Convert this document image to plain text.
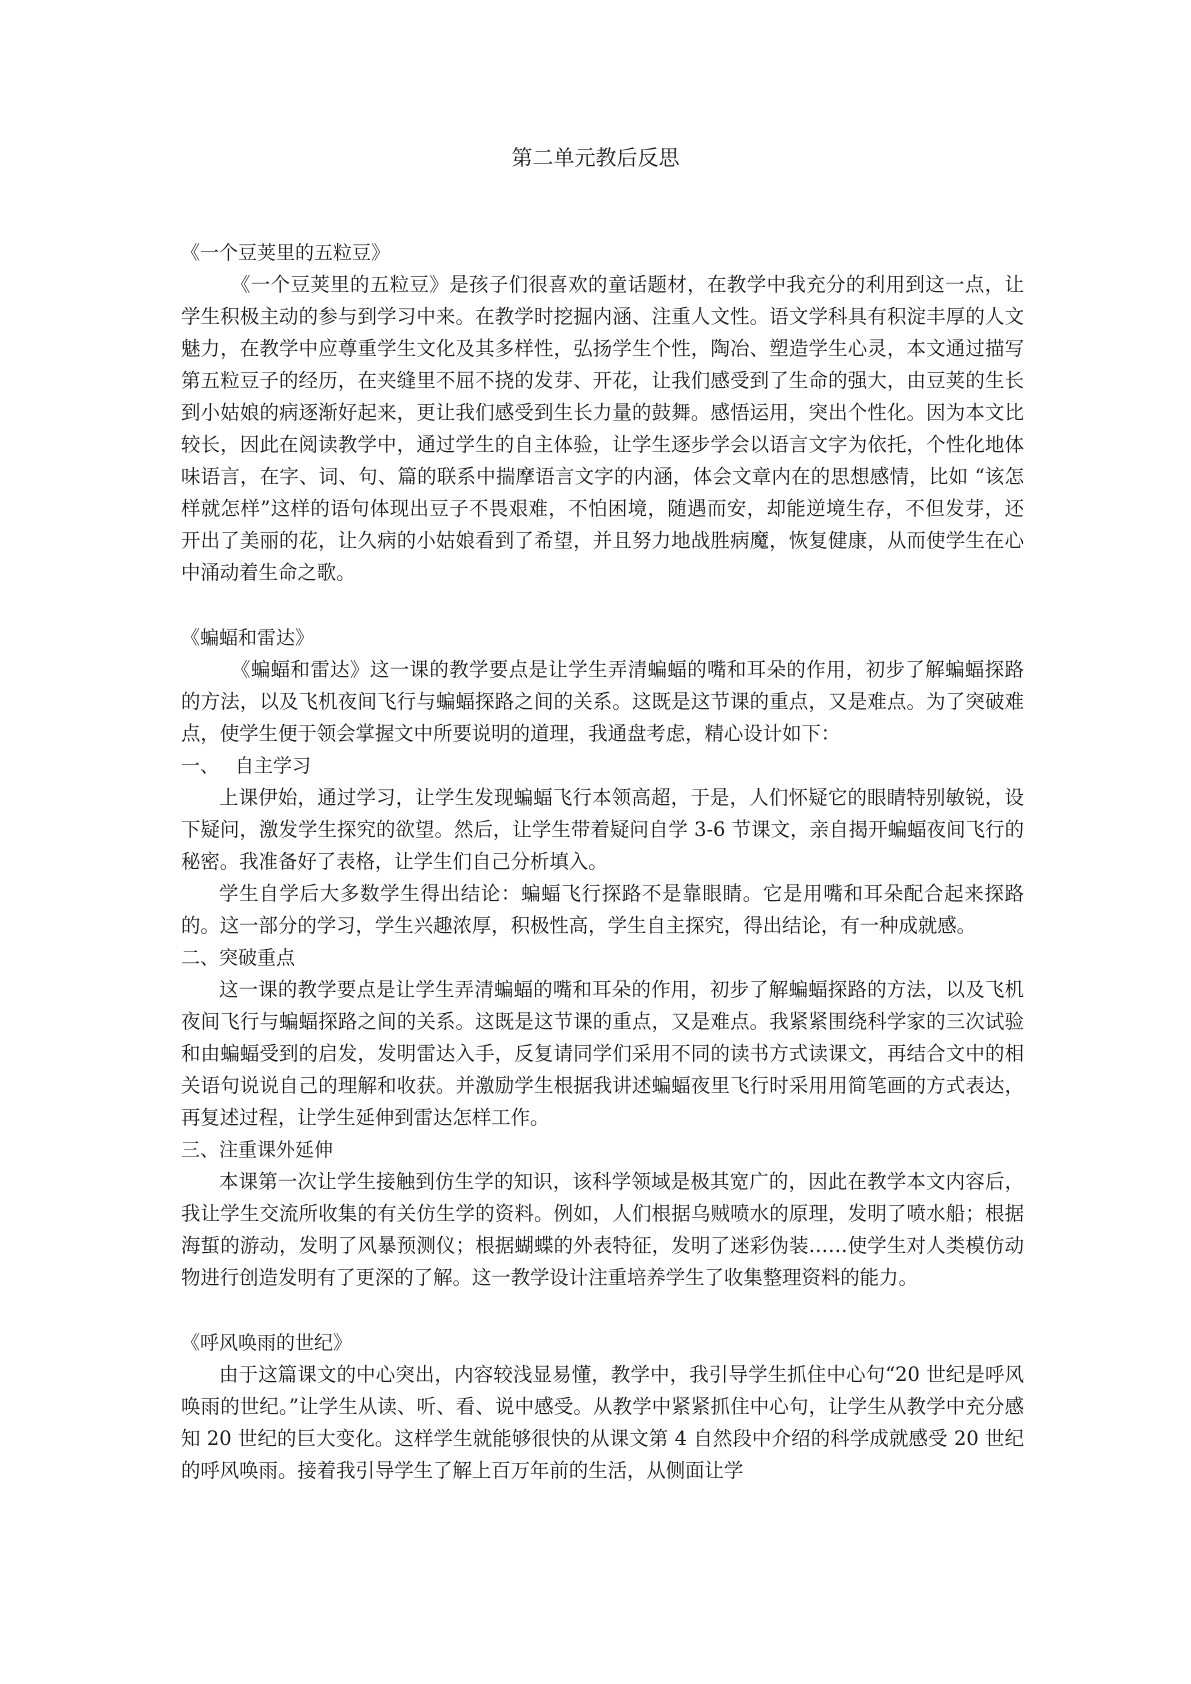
第二单元教后反思

《一个豆荚里的五粒豆》

《一个豆荚里的五粒豆》是孩子们很喜欢的童话题材，在教学中我充分的利用到这一点，让学生积极主动的参与到学习中来。在教学时挖掘内涵、注重人文性。语文学科具有积淀丰厚的人文魅力，在教学中应尊重学生文化及其多样性，弘扬学生个性，陶冶、塑造学生心灵，本文通过描写第五粒豆子的经历，在夹缝里不屈不挠的发芽、开花，让我们感受到了生命的强大，由豆荚的生长到小姑娘的病逐渐好起来，更让我们感受到生长力量的鼓舞。感悟运用，突出个性化。因为本文比较长，因此在阅读教学中，通过学生的自主体验，让学生逐步学会以语言文字为依托，个性化地体味语言，在字、词、句、篇的联系中揣摩语言文字的内涵，体会文章内在的思想感情，比如 “该怎样就怎样”这样的语句体现出豆子不畏艰难，不怕困境，随遇而安，却能逆境生存，不但发芽，还开出了美丽的花，让久病的小姑娘看到了希望，并且努力地战胜病魔，恢复健康，从而使学生在心中涌动着生命之歌。

《蝙蝠和雷达》

《蝙蝠和雷达》这一课的教学要点是让学生弄清蝙蝠的嘴和耳朵的作用，初步了解蝙蝠探路的方法，以及飞机夜间飞行与蝙蝠探路之间的关系。这既是这节课的重点，又是难点。为了突破难点，使学生便于领会掌握文中所要说明的道理，我通盘考虑，精心设计如下：

一、 自主学习

上课伊始，通过学习，让学生发现蝙蝠飞行本领高超，于是，人们怀疑它的眼睛特别敏锐，设下疑问，激发学生探究的欲望。然后，让学生带着疑问自学 3-6 节课文，亲自揭开蝙蝠夜间飞行的秘密。我准备好了表格，让学生们自己分析填入。

学生自学后大多数学生得出结论：蝙蝠飞行探路不是靠眼睛。它是用嘴和耳朵配合起来探路的。这一部分的学习，学生兴趣浓厚，积极性高，学生自主探究，得出结论，有一种成就感。

二、突破重点

这一课的教学要点是让学生弄清蝙蝠的嘴和耳朵的作用，初步了解蝙蝠探路的方法，以及飞机夜间飞行与蝙蝠探路之间的关系。这既是这节课的重点，又是难点。我紧紧围绕科学家的三次试验和由蝙蝠受到的启发，发明雷达入手，反复请同学们采用不同的读书方式读课文，再结合文中的相关语句说说自己的理解和收获。并激励学生根据我讲述蝙蝠夜里飞行时采用用简笔画的方式表达，再复述过程，让学生延伸到雷达怎样工作。

三、注重课外延伸

本课第一次让学生接触到仿生学的知识，该科学领域是极其宽广的，因此在教学本文内容后，我让学生交流所收集的有关仿生学的资料。例如，人们根据乌贼喷水的原理，发明了喷水船；根据海蜇的游动，发明了风暴预测仪；根据蝴蝶的外表特征，发明了迷彩伪装……使学生对人类模仿动物进行创造发明有了更深的了解。这一教学设计注重培养学生了收集整理资料的能力。

《呼风唤雨的世纪》

由于这篇课文的中心突出，内容较浅显易懂，教学中，我引导学生抓住中心句“20 世纪是呼风唤雨的世纪。”让学生从读、听、看、说中感受。从教学中紧紧抓住中心句，让学生从教学中充分感知 20 世纪的巨大变化。这样学生就能够很快的从课文第 4 自然段中介绍的科学成就感受 20 世纪的呼风唤雨。接着我引导学生了解上百万年前的生活，从侧面让学
